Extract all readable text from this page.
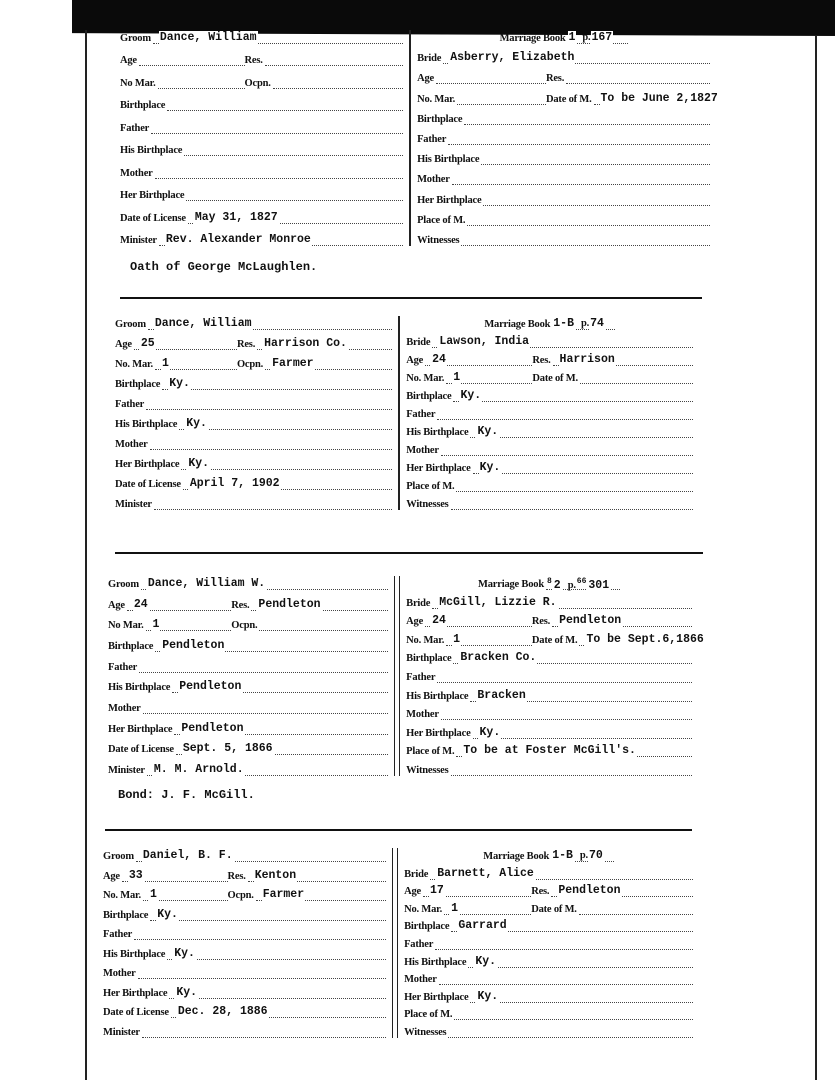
Groom Dance, William
Age	Res.
No Mar.	Ocpn.
Birthplace
Father
His Birthplace
Mother
Her Birthplace
Date of License May 31, 1827
Minister Rev. Alexander Monroe
Marriage Book 1 p.167
Bride Asberry, Elizabeth
Age	Res.
No. Mar.	Date of M. To be June 2,1827
Birthplace
Father
His Birthplace
Mother
Her Birthplace
Place of M.
Witnesses
Oath of George McLaughlen.
Groom Dance, William
Age 25	Res. Harrison Co.
No. Mar. 1	Ocpn. Farmer
Birthplace Ky.
Father
His Birthplace Ky.
Mother
Her Birthplace Ky.
Date of License April 7, 1902
Minister
Marriage Book 1-B p.74
Bride Lawson, India
Age 24	Res. Harrison
No. Mar. 1	Date of M.
Birthplace Ky.
Father
His Birthplace Ky.
Mother
Her Birthplace Ky.
Place of M.
Witnesses
Groom Dance, William W.
Age 24	Res. Pendleton
No Mar. 1	Ocpn.
Birthplace Pendleton
Father
His Birthplace Pendleton
Mother
Her Birthplace Pendleton
Date of License Sept. 5, 1866
Minister M. M. Arnold.
Marriage Book 8 2 p.66 301
Bride McGill, Lizzie R.
Age 24	Res. Pendleton
No. Mar. 1	Date of M. To be Sept.6,1866
Birthplace Bracken Co.
Father
His Birthplace Bracken
Mother
Her Birthplace Ky.
Place of M. To be at Foster McGill's.
Witnesses
Bond: J. F. McGill.
Groom Daniel, B. F.
Age 33	Res. Kenton
No. Mar. 1	Ocpn. Farmer
Birthplace Ky.
Father
His Birthplace Ky.
Mother
Her Birthplace Ky.
Date of License Dec. 28, 1886
Minister
Marriage Book 1-B p.70
Bride Barnett, Alice
Age 17	Res. Pendleton
No. Mar. 1	Date of M.
Birthplace Garrard
Father
His Birthplace Ky.
Mother
Her Birthplace Ky.
Place of M.
Witnesses
